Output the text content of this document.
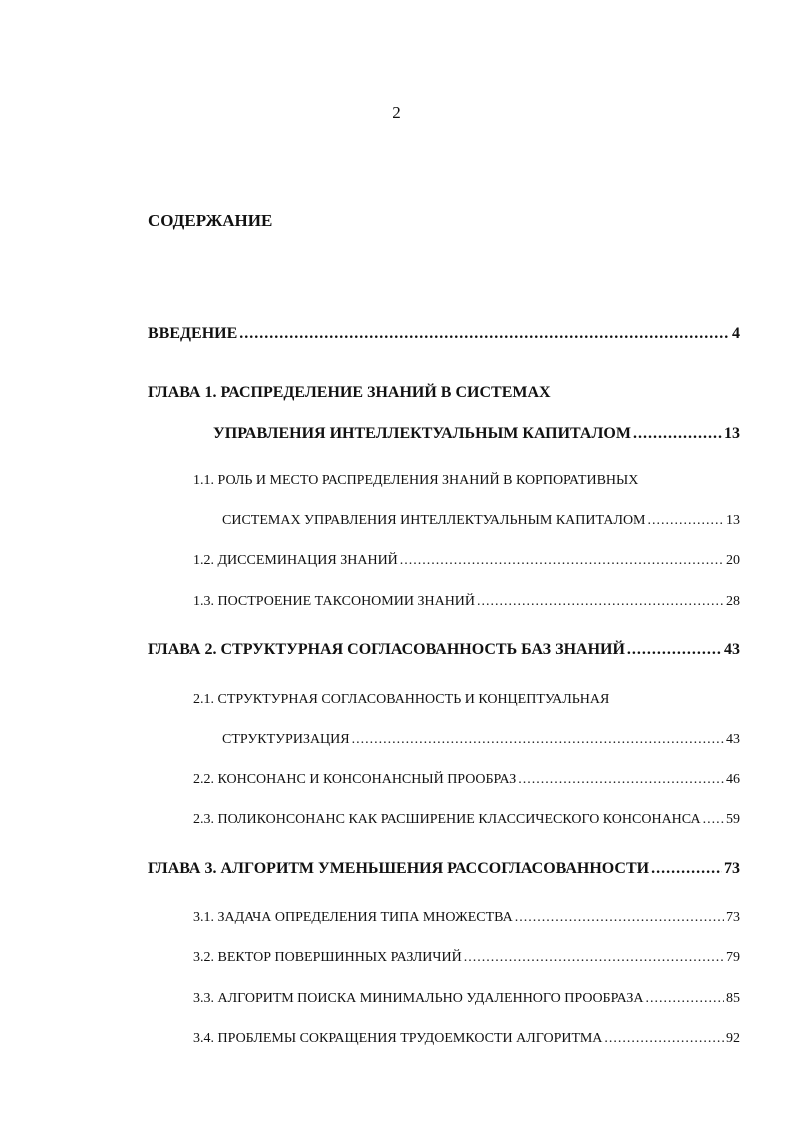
2
СОДЕРЖАНИЕ
ВВЕДЕНИЕ .....	4
ГЛАВА 1. РАСПРЕДЕЛЕНИЕ ЗНАНИЙ В СИСТЕМАХ
УПРАВЛЕНИЯ ИНТЕЛЛЕКТУАЛЬНЫМ КАПИТАЛОМ .....	13
1.1. РОЛЬ И МЕСТО РАСПРЕДЕЛЕНИЯ ЗНАНИЙ В КОРПОРАТИВНЫХ
СИСТЕМАХ УПРАВЛЕНИЯ ИНТЕЛЛЕКТУАЛЬНЫМ КАПИТАЛОМ .....	13
1.2. ДИССЕМИНАЦИЯ ЗНАНИЙ .....	20
1.3. ПОСТРОЕНИЕ ТАКСОНОМИИ ЗНАНИЙ .....	28
ГЛАВА 2. СТРУКТУРНАЯ СОГЛАСОВАННОСТЬ БАЗ ЗНАНИЙ .....	43
2.1. СТРУКТУРНАЯ СОГЛАСОВАННОСТЬ И КОНЦЕПТУАЛЬНАЯ
СТРУКТУРИЗАЦИЯ .....	43
2.2. КОНСОНАНС И КОНСОНАНСНЫЙ ПРООБРАЗ .....	46
2.3. ПОЛИКОНСОНАНС КАК РАСШИРЕНИЕ КЛАССИЧЕСКОГО КОНСОНАНСА ..... 59
ГЛАВА 3. АЛГОРИТМ УМЕНЬШЕНИЯ РАССОГЛАСОВАННОСТИ .....	73
3.1. ЗАДАЧА ОПРЕДЕЛЕНИЯ ТИПА МНОЖЕСТВА .....	73
3.2. ВЕКТОР ПОВЕРШИННЫХ РАЗЛИЧИЙ .....	79
3.3. АЛГОРИТМ ПОИСКА МИНИМАЛЬНО УДАЛЕННОГО ПРООБРАЗА .....	85
3.4. ПРОБЛЕМЫ СОКРАЩЕНИЯ ТРУДОЕМКОСТИ АЛГОРИТМА .....	92
